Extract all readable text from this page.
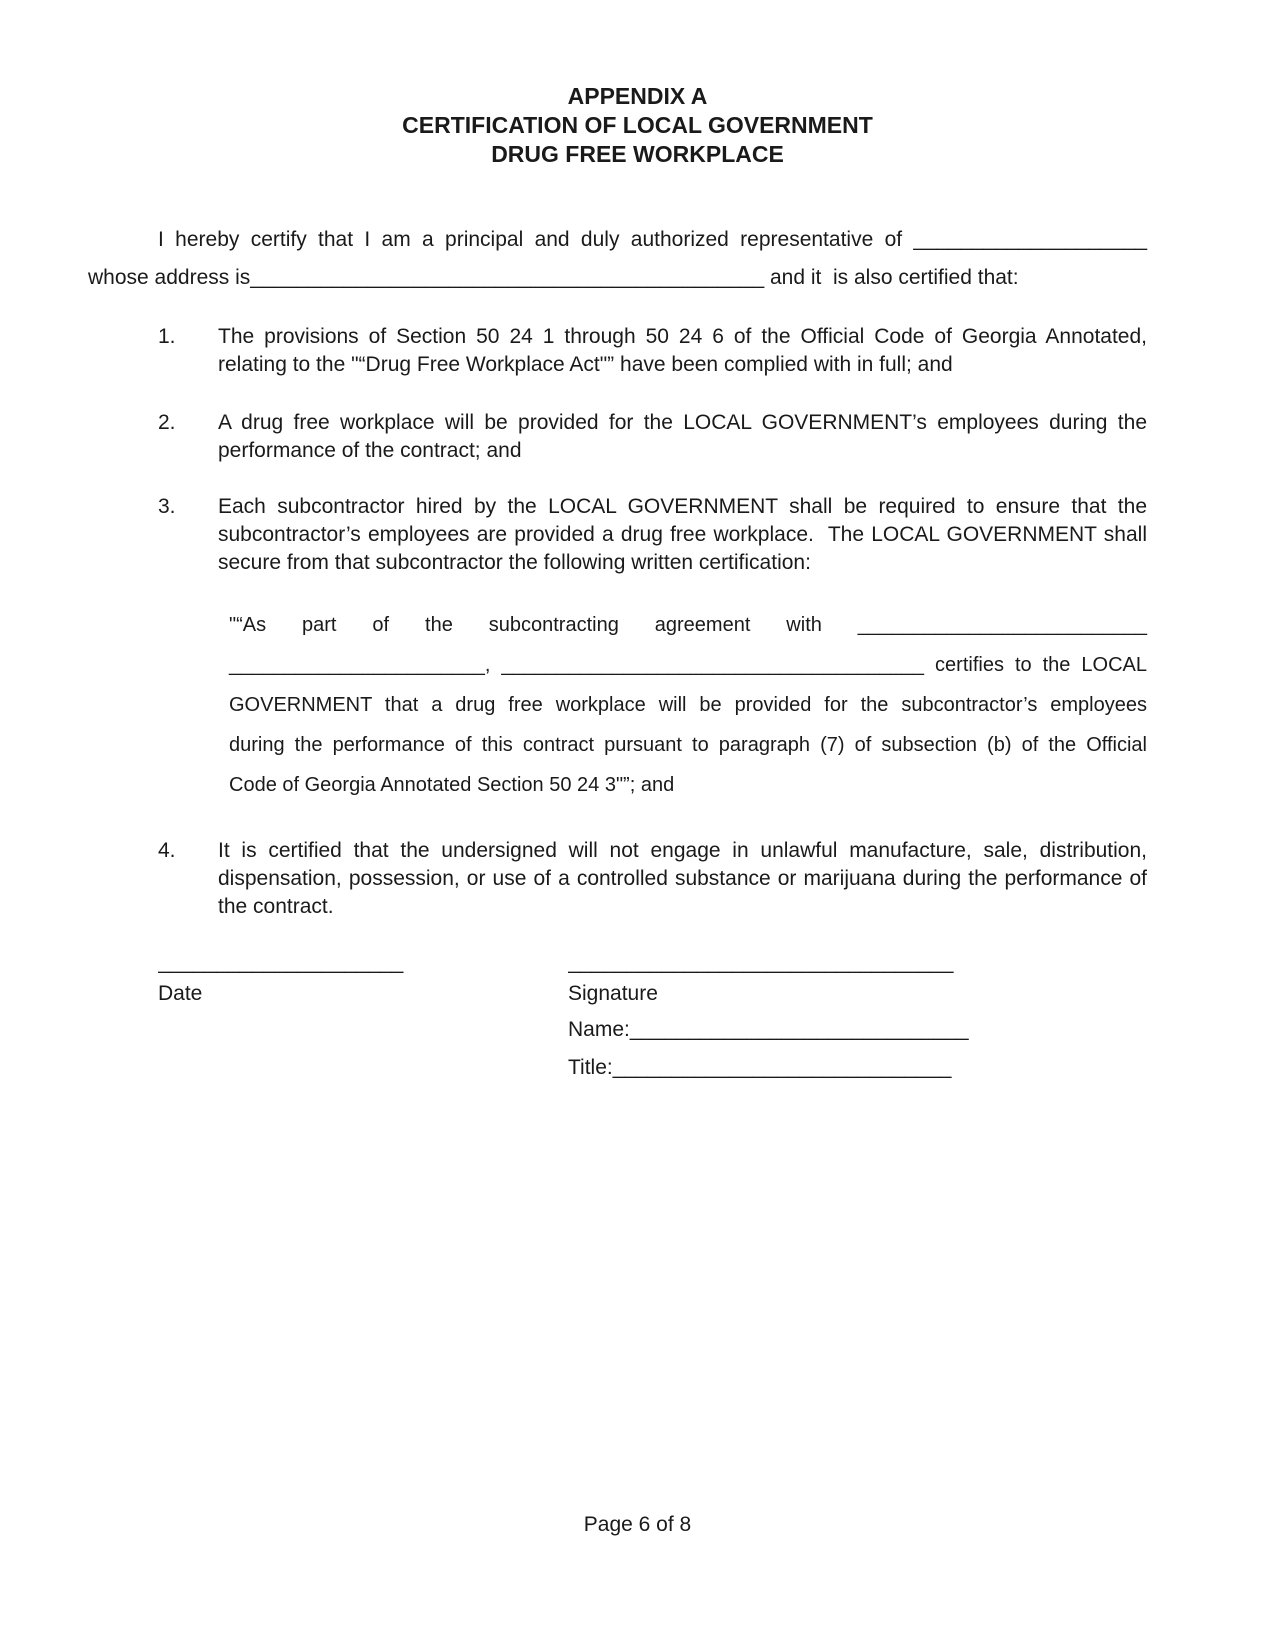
APPENDIX A
CERTIFICATION OF LOCAL GOVERNMENT
DRUG FREE WORKPLACE
I hereby certify that I am a principal and duly authorized representative of ____________________
whose address is____________________________________________ and it  is also certified that:
1.	The provisions of Section 50 24 1 through 50 24 6 of the Official Code of Georgia Annotated, relating to the "“Drug Free Workplace Act"” have been complied with in full; and
2.	A drug free workplace will be provided for the LOCAL GOVERNMENT’s employees during the performance of the contract; and
3.	Each subcontractor hired by the LOCAL GOVERNMENT shall be required to ensure that the subcontractor’s employees are provided a drug free workplace.  The LOCAL GOVERNMENT shall secure from that subcontractor the following written certification:
"“As part of the subcontracting agreement with __________________________
_______________________, ______________________________________ certifies to the LOCAL
GOVERNMENT that a drug free workplace will be provided for the subcontractor’s employees
during the performance of this contract pursuant to paragraph (7) of subsection (b) of the Official
Code of Georgia Annotated Section 50 24 3"”; and
4.	It is certified that the undersigned will not engage in unlawful manufacture, sale, distribution, dispensation, possession, or use of a controlled substance or marijuana during the performance of the contract.
_____________________
Date
_________________________________
Signature
Name:_____________________________
Title:_____________________________
Page 6 of 8
